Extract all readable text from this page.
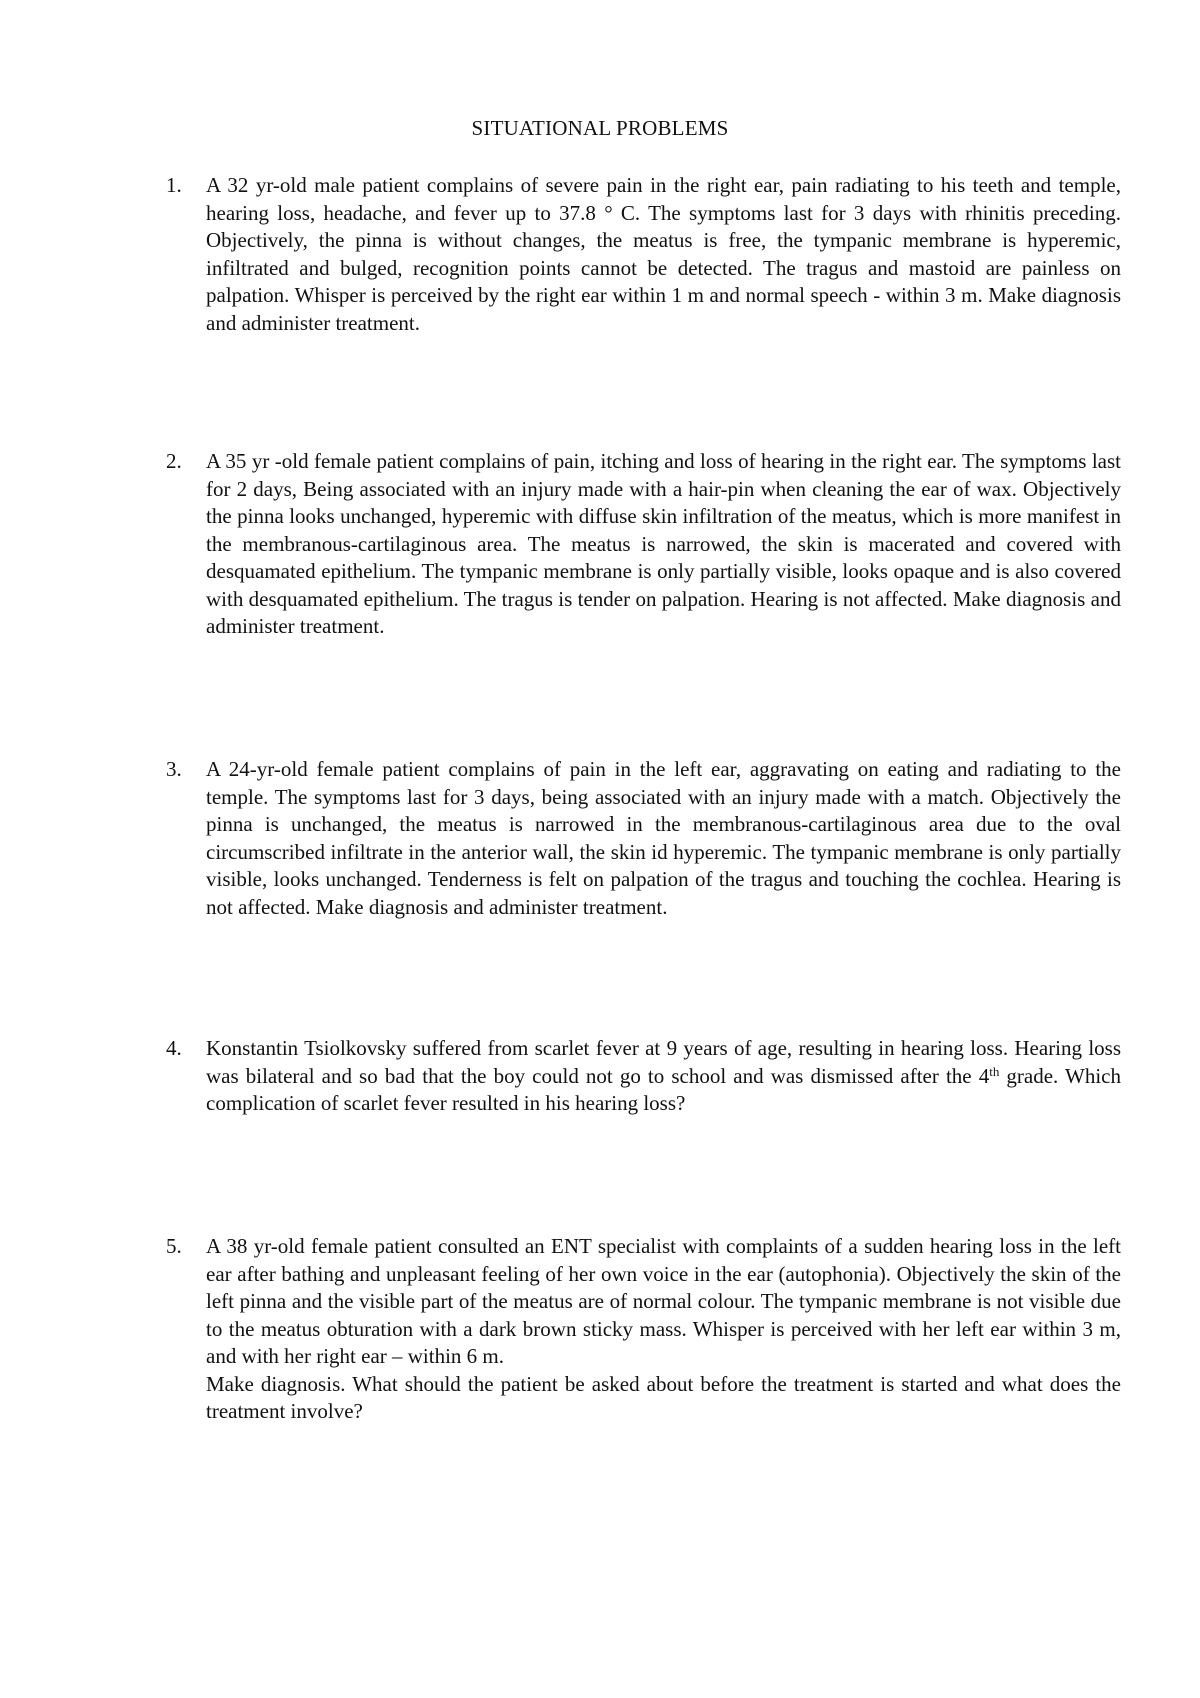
SITUATIONAL PROBLEMS
1. A 32 yr-old male patient complains of severe pain in the right ear, pain radiating to his teeth and temple, hearing loss, headache, and fever up to 37.8 ° C. The symptoms last for 3 days with rhinitis preceding. Objectively, the pinna is without changes, the meatus is free, the tympanic membrane is hyperemic, infiltrated and bulged, recognition points cannot be detected. The tragus and mastoid are painless on palpation. Whisper is perceived by the right ear within 1 m and normal speech - within 3 m. Make diagnosis and administer treatment.

2. A 35 yr -old female patient complains of pain, itching and loss of hearing in the right ear. The symptoms last for 2 days, Being associated with an injury made with a hair-pin when cleaning the ear of wax. Objectively the pinna looks unchanged, hyperemic with diffuse skin infiltration of the meatus, which is more manifest in the membranous-cartilaginous area. The meatus is narrowed, the skin is macerated and covered with desquamated epithelium. The tympanic membrane is only partially visible, looks opaque and is also covered with desquamated epithelium. The tragus is tender on palpation. Hearing is not affected. Make diagnosis and administer treatment.

3. A 24-yr-old female patient complains of pain in the left ear, aggravating on eating and radiating to the temple. The symptoms last for 3 days, being associated with an injury made with a match. Objectively the pinna is unchanged, the meatus is narrowed in the membranous-cartilaginous area due to the oval circumscribed infiltrate in the anterior wall, the skin id hyperemic. The tympanic membrane is only partially visible, looks unchanged. Tenderness is felt on palpation of the tragus and touching the cochlea. Hearing is not affected. Make diagnosis and administer treatment.

4. Konstantin Tsiolkovsky suffered from scarlet fever at 9 years of age, resulting in hearing loss. Hearing loss was bilateral and so bad that the boy could not go to school and was dismissed after the 4th grade. Which complication of scarlet fever resulted in his hearing loss?

5. A 38 yr-old female patient consulted an ENT specialist with complaints of a sudden hearing loss in the left ear after bathing and unpleasant feeling of her own voice in the ear (autophonia). Objectively the skin of the left pinna and the visible part of the meatus are of normal colour. The tympanic membrane is not visible due to the meatus obturation with a dark brown sticky mass. Whisper is perceived with her left ear within 3 m, and with her right ear – within 6 m.

Make diagnosis. What should the patient be asked about before the treatment is started and what does the treatment involve?
